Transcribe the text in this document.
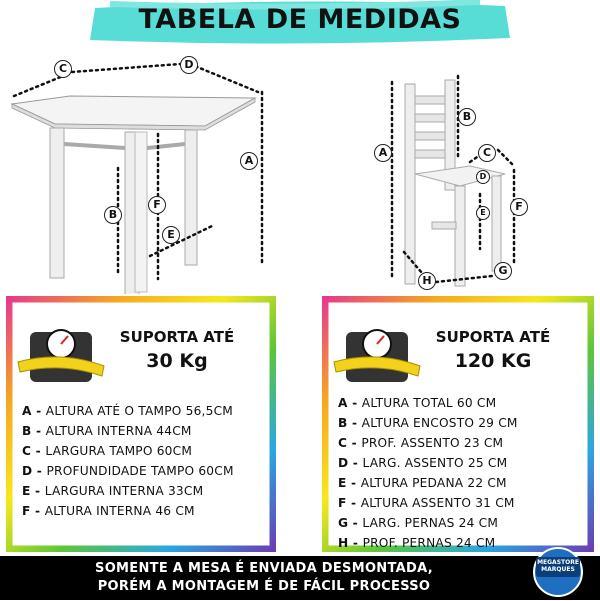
TABELA DE MEDIDAS
C	D
A
B
F
E
A
B
C
D
E	F
G
H
SUPORTA ATÉ
30 Kg
A - ALTURA ATÉ O TAMPO 56,5CM
B - ALTURA INTERNA 44CM
C - LARGURA TAMPO 60CM
D - PROFUNDIDADE TAMPO 60CM
E - LARGURA INTERNA 33CM
F - ALTURA INTERNA 46 CM
SUPORTA ATÉ
120 KG
A - ALTURA TOTAL 60 CM
B - ALTURA ENCOSTO 29 CM
C - PROF. ASSENTO 23 CM
D - LARG. ASSENTO 25 CM
E - ALTURA PEDANA 22 CM
F - ALTURA ASSENTO 31 CM
G - LARG. PERNAS 24 CM
H - PROF. PERNAS 24 CM
SOMENTE A MESA É ENVIADA DESMONTADA,
PORÉM A MONTAGEM É DE FÁCIL PROCESSO
MEGASTORE
MARQUES
